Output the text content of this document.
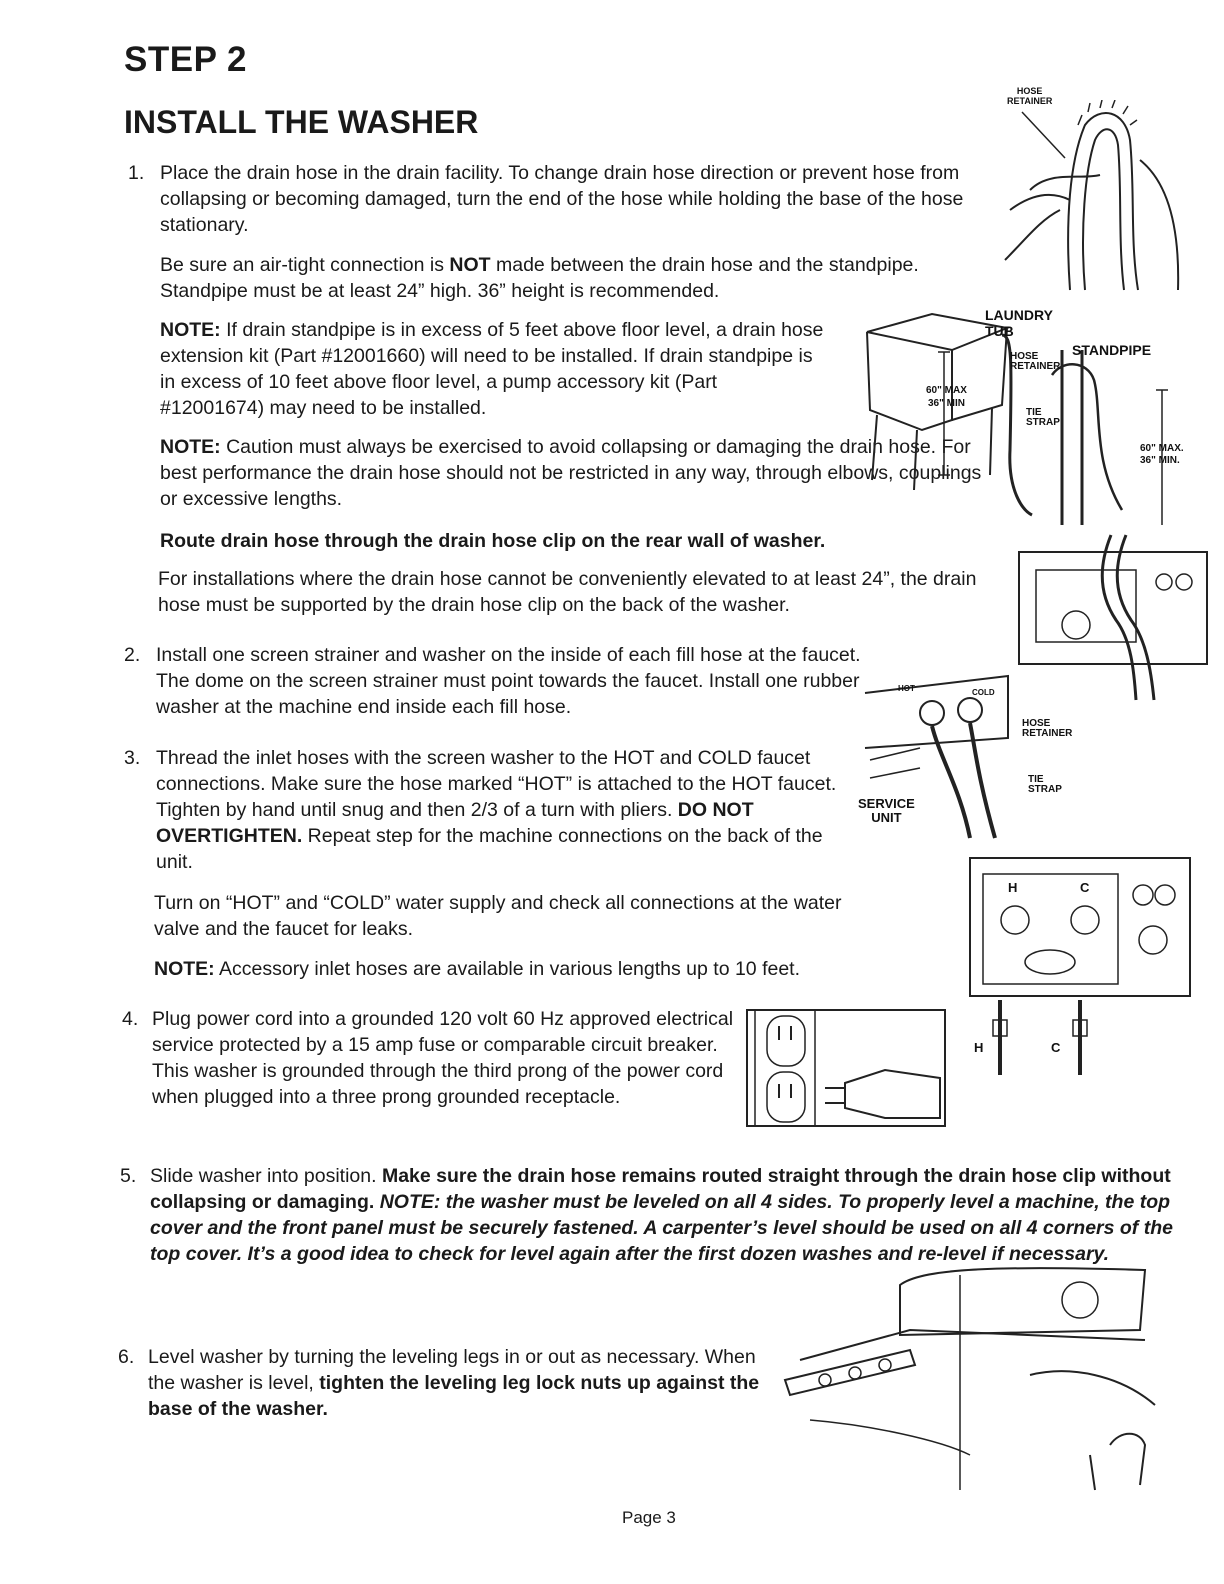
STEP 2
INSTALL THE WASHER
1. Place the drain hose in the drain facility. To change drain hose direction or prevent hose from collapsing or becoming damaged, turn the end of the hose while holding the base of the hose stationary.

Be sure an air-tight connection is NOT made between the drain hose and the standpipe. Standpipe must be at least 24” high. 36” height is recommended.

NOTE: If drain standpipe is in excess of 5 feet above floor level, a drain hose extension kit (Part #12001660) will need to be installed. If drain standpipe is in excess of 10 feet above floor level, a pump accessory kit (Part #12001674) may need to be installed.

NOTE: Caution must always be exercised to avoid collapsing or damaging the drain hose. For best performance the drain hose should not be restricted in any way, through elbows, couplings or excessive lengths.

Route drain hose through the drain hose clip on the rear wall of washer.

For installations where the drain hose cannot be conveniently elevated to at least 24”, the drain hose must be supported by the drain hose clip on the back of the washer.

2. Install one screen strainer and washer on the inside of each fill hose at the faucet. The dome on the screen strainer must point towards the faucet. Install one rubber washer at the machine end inside each fill hose.

3. Thread the inlet hoses with the screen washer to the HOT and COLD faucet connections. Make sure the hose marked “HOT” is attached to the HOT faucet. Tighten by hand until snug and then 2/3 of a turn with pliers. DO NOT OVERTIGHTEN. Repeat step for the machine connections on the back of the unit.

Turn on “HOT” and “COLD” water supply and check all connections at the water valve and the faucet for leaks.

NOTE: Accessory inlet hoses are available in various lengths up to 10 feet.

4. Plug power cord into a grounded 120 volt 60 Hz approved electrical service protected by a 15 amp fuse or comparable circuit breaker. This washer is grounded through the third prong of the power cord when plugged into a three prong grounded receptacle.

5. Slide washer into position. Make sure the drain hose remains routed straight through the drain hose clip without collapsing or damaging. NOTE: the washer must be leveled on all 4 sides. To properly level a machine, the top cover and the front panel must be securely fastened. A carpenter’s level should be used on all 4 corners of the top cover. It’s a good idea to check for level again after the first dozen washes and re-level if necessary.

6. Level washer by turning the leveling legs in or out as necessary. When the washer is level, tighten the leveling leg lock nuts up against the base of the washer.

Page 3
HOSE
RETAINER
LAUNDRY
TUB
HOSE
RETAINER
STANDPIPE
60" MAX
36" MIN
TIE
STRAP
60" MAX.
36" MIN.
HOT	COLD
HOSE
RETAINER
SERVICE
UNIT
TIE
STRAP
H	C
H	C
